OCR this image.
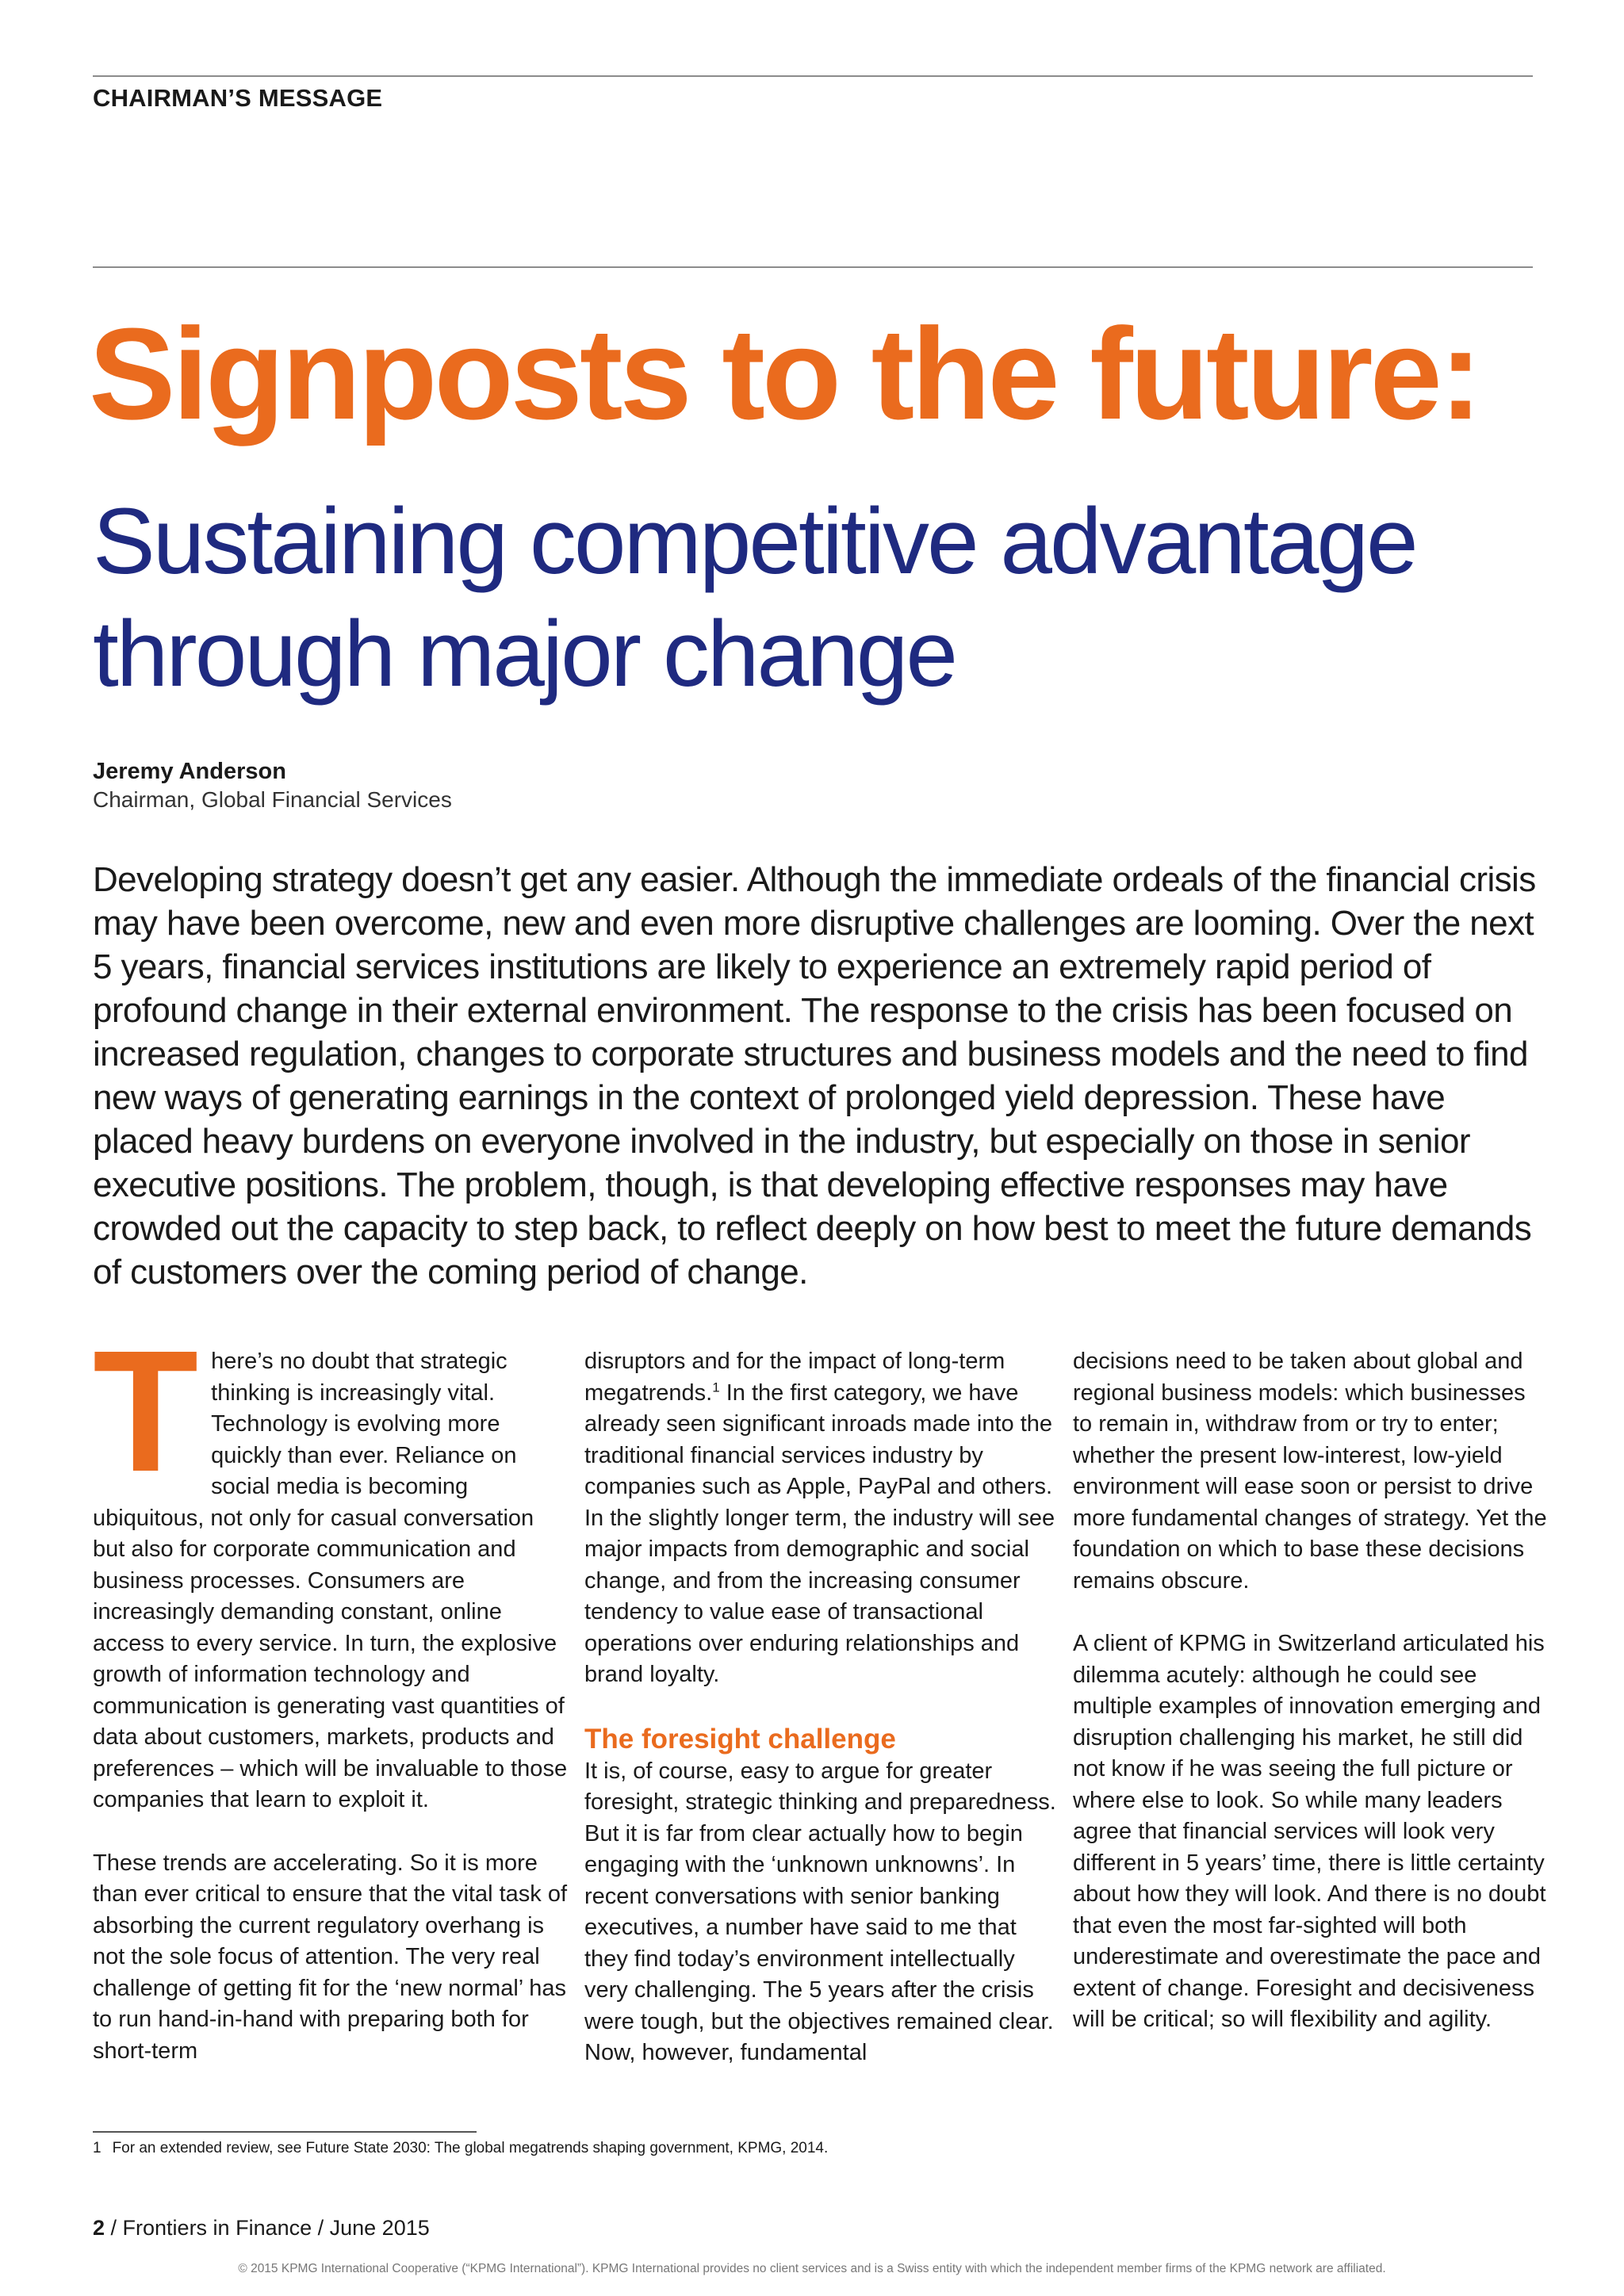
CHAIRMAN’S MESSAGE
Signposts to the future:
Sustaining competitive advantage through major change
Jeremy Anderson
Chairman, Global Financial Services

Developing strategy doesn’t get any easier. Although the immediate ordeals of the financial crisis may have been overcome, new and even more disruptive challenges are looming. Over the next 5 years, financial services institutions are likely to experience an extremely rapid period of profound change in their external environment. The response to the crisis has been focused on increased regulation, changes to corporate structures and business models and the need to find new ways of generating earnings in the context of prolonged yield depression. These have placed heavy burdens on everyone involved in the industry, but especially on those in senior executive positions. The problem, though, is that developing effective responses may have crowded out the capacity to step back, to reflect deeply on how best to meet the future demands of customers over the coming period of change.

There’s no doubt that strategic thinking is increasingly vital. Technology is evolving more quickly than ever. Reliance on social media is becoming ubiquitous, not only for casual conversation but also for corporate communication and business processes. Consumers are increasingly demanding constant, online access to every service. In turn, the explosive growth of information technology and communication is generating vast quantities of data about customers, markets, products and preferences – which will be invaluable to those companies that learn to exploit it.

These trends are accelerating. So it is more than ever critical to ensure that the vital task of absorbing the current regulatory overhang is not the sole focus of attention. The very real challenge of getting fit for the ‘new normal’ has to run hand-in-hand with preparing both for short-term

disruptors and for the impact of long-term megatrends.$^1$ In the first category, we have already seen significant inroads made into the traditional financial services industry by companies such as Apple, PayPal and others. In the slightly longer term, the industry will see major impacts from demographic and social change, and from the increasing consumer tendency to value ease of transactional operations over enduring relationships and brand loyalty.

The foresight challenge

It is, of course, easy to argue for greater foresight, strategic thinking and preparedness. But it is far from clear actually how to begin engaging with the ‘unknown unknowns’. In recent conversations with senior banking executives, a number have said to me that they find today’s environment intellectually very challenging. The 5 years after the crisis were tough, but the objectives remained clear. Now, however, fundamental

decisions need to be taken about global and regional business models: which businesses to remain in, withdraw from or try to enter; whether the present low-interest, low-yield environment will ease soon or persist to drive more fundamental changes of strategy. Yet the foundation on which to base these decisions remains obscure.

A client of KPMG in Switzerland articulated his dilemma acutely: although he could see multiple examples of innovation emerging and disruption challenging his market, he still did not know if he was seeing the full picture or where else to look. So while many leaders agree that financial services will look very different in 5 years’ time, there is little certainty about how they will look. And there is no doubt that even the most far-sighted will both underestimate and overestimate the pace and extent of change. Foresight and decisiveness will be critical; so will flexibility and agility.

1 For an extended review, see Future State 2030: The global megatrends shaping government, KPMG, 2014.
2 / Frontiers in Finance / June 2015
© 2015 KPMG International Cooperative (“KPMG International”). KPMG International provides no client services and is a Swiss entity with which the independent member firms of the KPMG network are affiliated.
